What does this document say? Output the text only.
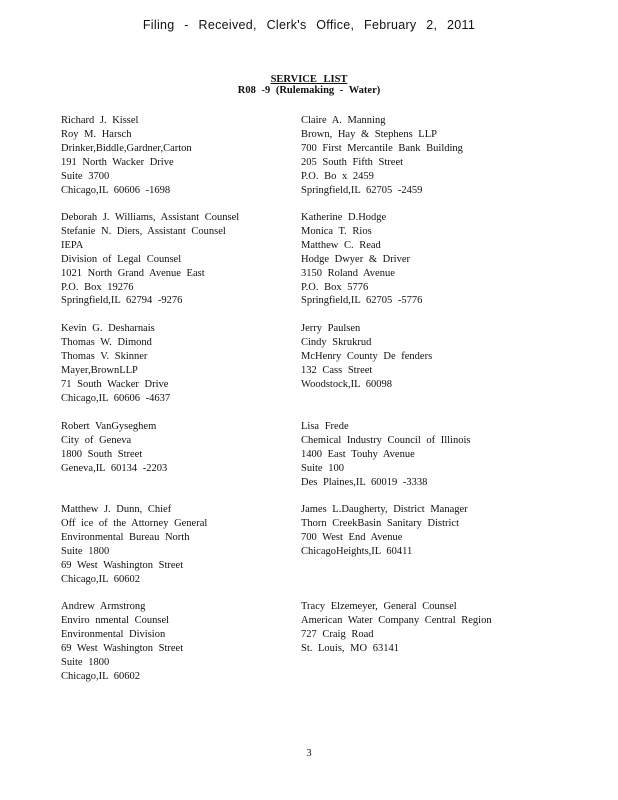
Filing - Received, Clerk's Office, February 2, 2011
SERVICE LIST
R08 -9 (Rulemaking - Water)
Richard J. Kissel
Roy M. Harsch
Drinker,Biddle,Gardner,Carton
191 North Wacker Drive
Suite 3700
Chicago,IL 60606 -1698
Claire A. Manning
Brown, Hay & Stephens LLP
700 First Mercantile Bank Building
205 South Fifth Street
P.O. Bo x 2459
Springfield,IL 62705 -2459
Deborah J. Williams, Assistant Counsel
Stefanie N. Diers, Assistant Counsel
IEPA
Division of Legal Counsel
1021 North Grand Avenue East
P.O. Box 19276
Springfield,IL 62794 -9276
Katherine D.Hodge
Monica T. Rios
Matthew C. Read
Hodge Dwyer & Driver
3150 Roland Avenue
P.O. Box 5776
Springfield,IL 62705 -5776
Kevin G. Desharnais
Thomas W. Dimond
Thomas V. Skinner
Mayer,BrownLLP
71 South Wacker Drive
Chicago,IL 60606 -4637
Jerry Paulsen
Cindy Skrukrud
McHenry County De fenders
132 Cass Street
Woodstock,IL 60098
Robert VanGyseghem
City of Geneva
1800 South Street
Geneva,IL 60134 -2203
Lisa Frede
Chemical Industry Council of Illinois
1400 East Touhy Avenue
Suite 100
Des Plaines,IL 60019 -3338
Matthew J. Dunn, Chief
Off ice of the Attorney General
Environmental Bureau North
Suite 1800
69 West Washington Street
Chicago,IL 60602
James L.Daugherty, District Manager
Thorn CreekBasin Sanitary District
700 West End Avenue
ChicagoHeights,IL 60411
Andrew Armstrong
Enviro nmental Counsel
Environmental Division
69 West Washington Street
Suite 1800
Chicago,IL 60602
Tracy Elzemeyer, General Counsel
American Water Company Central Region
727 Craig Road
St. Louis, MO 63141
3
